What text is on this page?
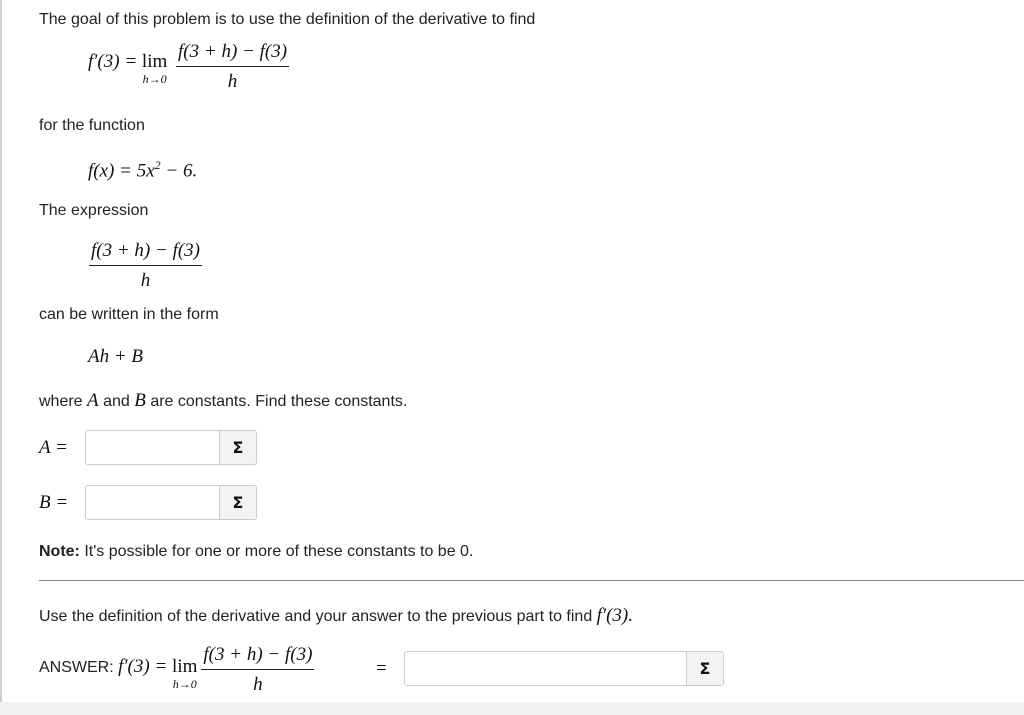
The goal of this problem is to use the definition of the derivative to find
f′(3) = lim
h→0
$\frac{f(3 + h) - f(3)}{h}$
for the function
$f(x) = 5x^2 - 6$.
The expression
$\frac{f(3 + h) - f(3)}{h}$
can be written in the form
Ah + B
where A and B are constants. Find these constants.
A =	Σ
B =	Σ
Note: It's possible for one or more of these constants to be 0.
Use the definition of the derivative and your answer to the previous part to find f′(3).
ANSWER: f′(3) = lim
$h\to 0 \frac{f(3 + h) - f(3)}{h}$	=	Σ
